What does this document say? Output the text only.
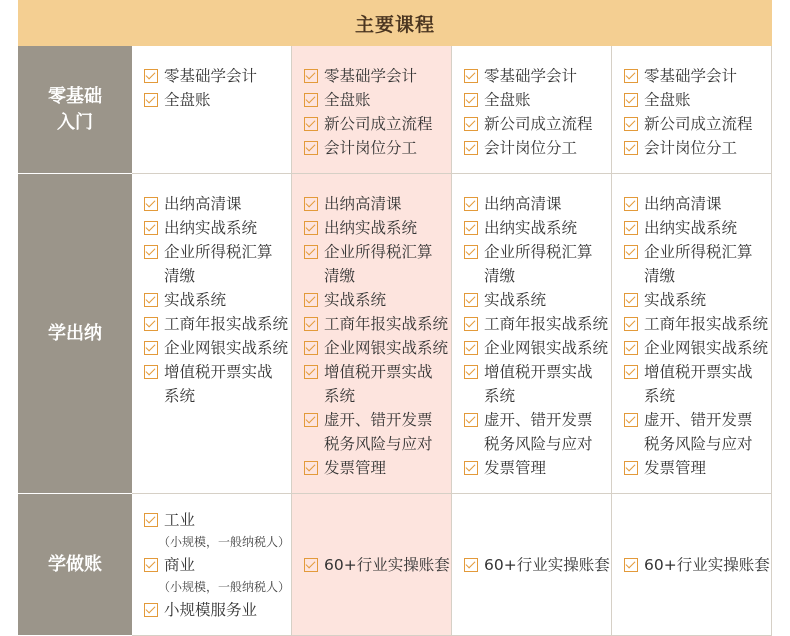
主要课程
零基础
入门
零基础学会计
全盘账
零基础学会计
全盘账
新公司成立流程
会计岗位分工
零基础学会计
全盘账
新公司成立流程
会计岗位分工
零基础学会计
全盘账
新公司成立流程
会计岗位分工
学出纳
出纳高清课
出纳实战系统
企业所得税汇算
清缴
实战系统
工商年报实战系统
企业网银实战系统
增值税开票实战
系统
出纳高清课
出纳实战系统
企业所得税汇算
清缴
实战系统
工商年报实战系统
企业网银实战系统
增值税开票实战
系统
虚开、错开发票
税务风险与应对
发票管理
出纳高清课
出纳实战系统
企业所得税汇算
清缴
实战系统
工商年报实战系统
企业网银实战系统
增值税开票实战
系统
虚开、错开发票
税务风险与应对
发票管理
出纳高清课
出纳实战系统
企业所得税汇算
清缴
实战系统
工商年报实战系统
企业网银实战系统
增值税开票实战
系统
虚开、错开发票
税务风险与应对
发票管理
学做账
工业
（小规模，一般纳税人）
商业
（小规模，一般纳税人）
小规模服务业
60+行业实操账套 60+行业实操账套 60+行业实操账套
